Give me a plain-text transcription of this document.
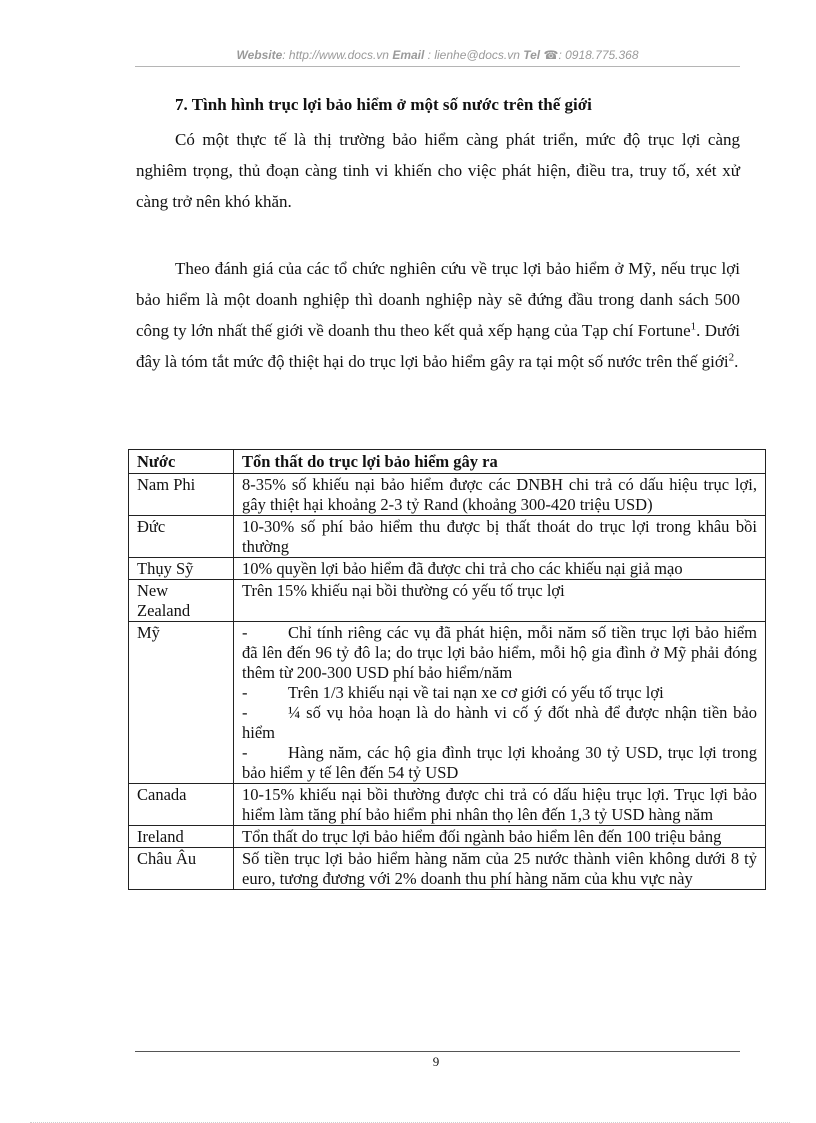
Website: http://www.docs.vn Email : lienhe@docs.vn Tel ☎: 0918.775.368
7. Tình hình trục lợi bảo hiểm ở một số nước trên thế giới
Có một thực tế là thị trường bảo hiểm càng phát triển, mức độ trục lợi càng nghiêm trọng, thủ đoạn càng tinh vi khiến cho việc phát hiện, điều tra, truy tố, xét xử càng trở nên khó khăn.
Theo đánh giá của các tổ chức nghiên cứu về trục lợi bảo hiểm ở Mỹ, nếu trục lợi bảo hiểm là một doanh nghiệp thì doanh nghiệp này sẽ đứng đầu trong danh sách 500 công ty lớn nhất thế giới về doanh thu theo kết quả xếp hạng của Tạp chí Fortune$^1$. Dưới đây là tóm tắt mức độ thiệt hại do trục lợi bảo hiểm gây ra tại một số nước trên thế giới$^2$.
Nước	Tổn thất do trục lợi bảo hiểm gây ra
Nam Phi	8-35% số khiếu nại bảo hiểm được các DNBH chi trả có dấu hiệu trục lợi, gây thiệt hại khoảng 2-3 tỷ Rand (khoảng 300-420 triệu USD)
Đức	10-30% số phí bảo hiểm thu được bị thất thoát do trục lợi trong khâu bồi thường
Thụy Sỹ	10% quyền lợi bảo hiểm đã được chi trả cho các khiếu nại giả mạo
New Zealand	Trên 15% khiếu nại bồi thường có yếu tố trục lợi
Mỹ	- Chỉ tính riêng các vụ đã phát hiện, mỗi năm số tiền trục lợi bảo hiểm đã lên đến 96 tỷ đô la; do trục lợi bảo hiểm, mỗi hộ gia đình ở Mỹ phải đóng thêm từ 200-300 USD phí bảo hiểm/năm
- Trên 1/3 khiếu nại về tai nạn xe cơ giới có yếu tố trục lợi
- ¼ số vụ hỏa hoạn là do hành vi cố ý đốt nhà để được nhận tiền bảo hiểm
- Hàng năm, các hộ gia đình trục lợi khoảng 30 tỷ USD, trục lợi trong bảo hiểm y tế lên đến 54 tỷ USD

Canada	10-15% khiếu nại bồi thường được chi trả có dấu hiệu trục lợi. Trục lợi bảo hiểm làm tăng phí bảo hiểm phi nhân thọ lên đến 1,3 tỷ USD hàng năm
Ireland	Tổn thất do trục lợi bảo hiểm đối ngành bảo hiểm lên đến 100 triệu bảng
Châu Âu	Số tiền trục lợi bảo hiểm hàng năm của 25 nước thành viên không dưới 8 tỷ euro, tương đương với 2% doanh thu phí hàng năm của khu vực này
9
